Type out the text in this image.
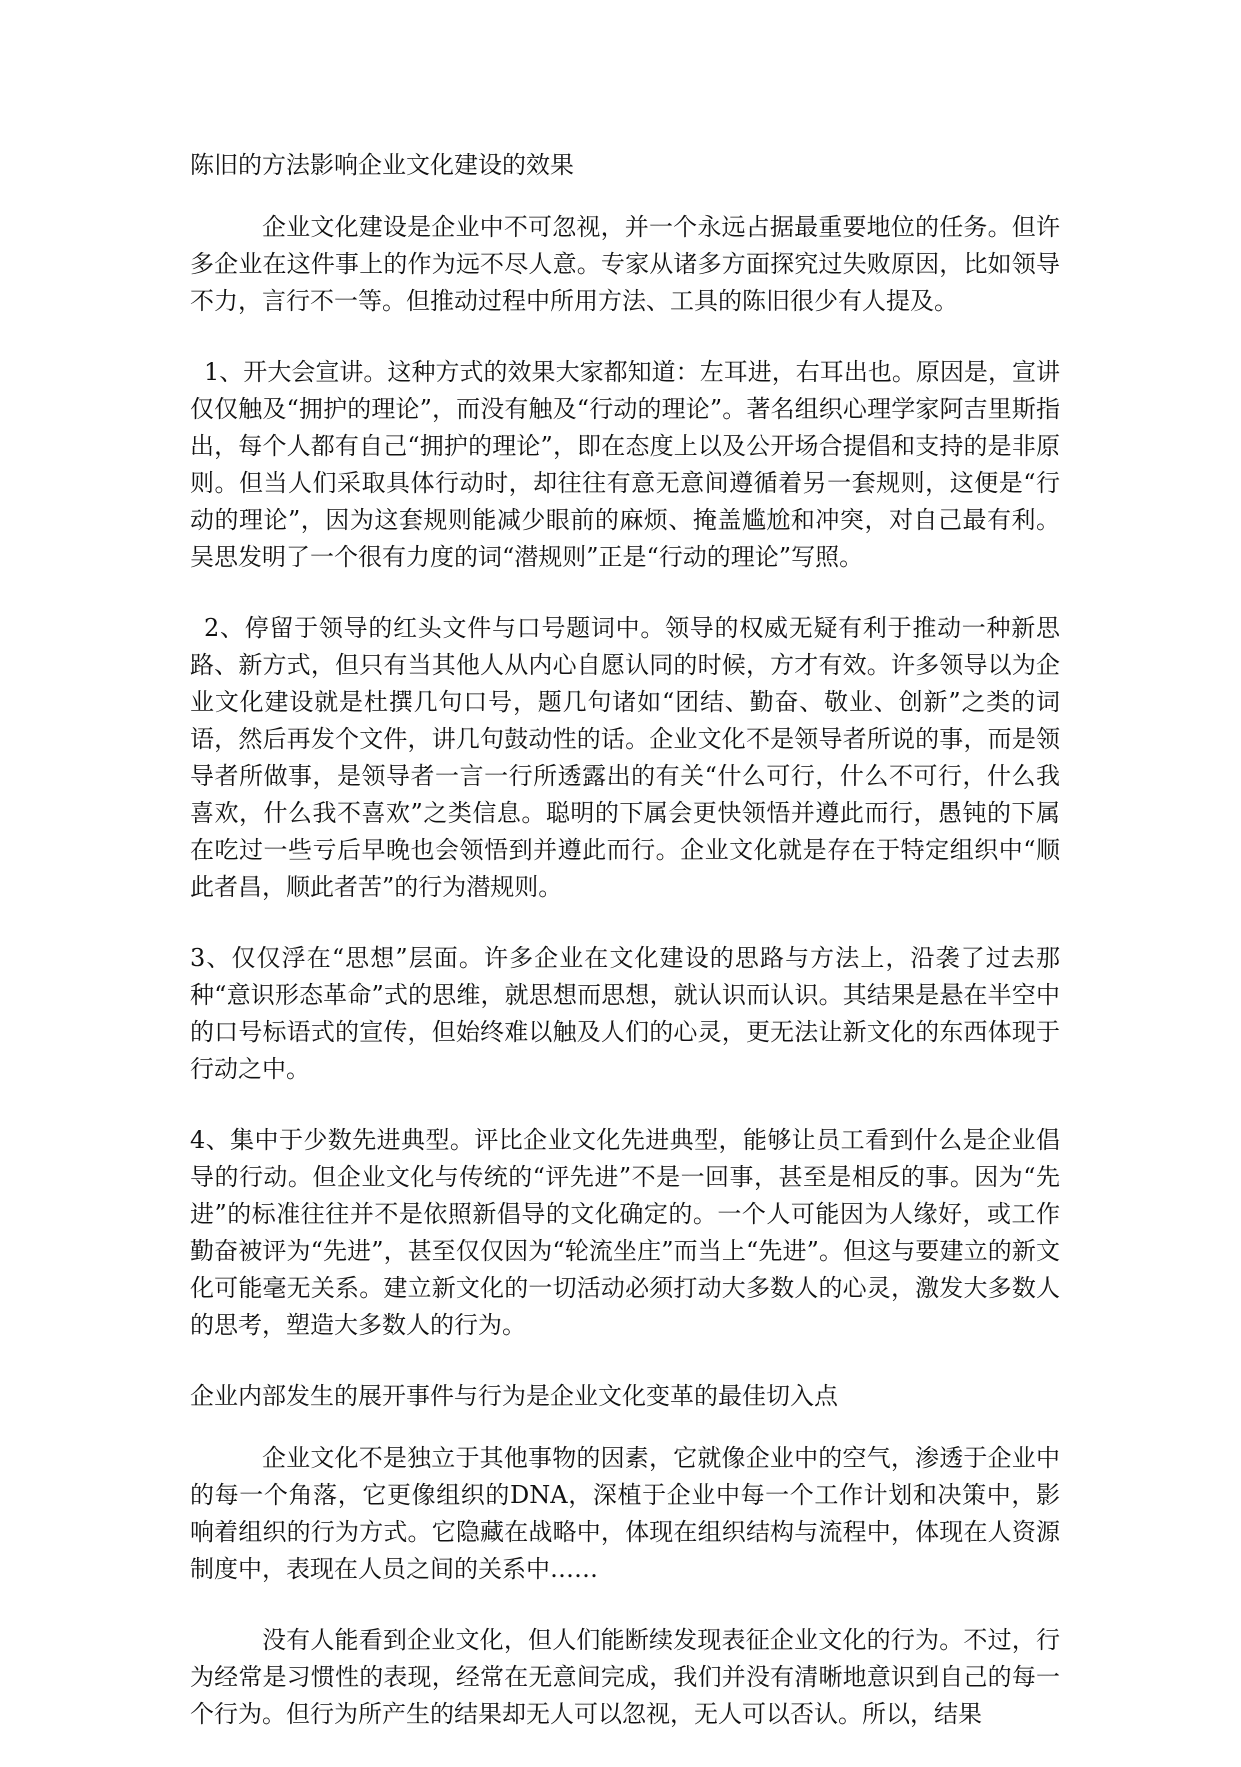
陈旧的方法影响企业文化建设的效果
企业文化建设是企业中不可忽视，并一个永远占据最重要地位的任务。但许多企业在这件事上的作为远不尽人意。专家从诸多方面探究过失败原因，比如领导不力，言行不一等。但推动过程中所用方法、工具的陈旧很少有人提及。
1、开大会宣讲。这种方式的效果大家都知道：左耳进，右耳出也。原因是，宣讲仅仅触及“拥护的理论”，而没有触及“行动的理论”。著名组织心理学家阿吉里斯指出，每个人都有自己“拥护的理论”，即在态度上以及公开场合提倡和支持的是非原则。但当人们采取具体行动时，却往往有意无意间遵循着另一套规则，这便是“行动的理论”，因为这套规则能减少眼前的麻烦、掩盖尴尬和冲突，对自己最有利。吴思发明了一个很有力度的词“潜规则”正是“行动的理论”写照。
2、停留于领导的红头文件与口号题词中。领导的权威无疑有利于推动一种新思路、新方式，但只有当其他人从内心自愿认同的时候，方才有效。许多领导以为企业文化建设就是杜撰几句口号，题几句诸如“团结、勤奋、敬业、创新”之类的词语，然后再发个文件，讲几句鼓动性的话。企业文化不是领导者所说的事，而是领导者所做事，是领导者一言一行所透露出的有关“什么可行，什么不可行，什么我喜欢，什么我不喜欢”之类信息。聪明的下属会更快领悟并遵此而行，愚钝的下属在吃过一些亏后早晚也会领悟到并遵此而行。企业文化就是存在于特定组织中“顺此者昌，顺此者苦”的行为潜规则。
3、仅仅浮在“思想”层面。许多企业在文化建设的思路与方法上，沿袭了过去那种“意识形态革命”式的思维，就思想而思想，就认识而认识。其结果是悬在半空中的口号标语式的宣传，但始终难以触及人们的心灵，更无法让新文化的东西体现于行动之中。
4、集中于少数先进典型。评比企业文化先进典型，能够让员工看到什么是企业倡导的行动。但企业文化与传统的“评先进”不是一回事，甚至是相反的事。因为“先进”的标准往往并不是依照新倡导的文化确定的。一个人可能因为人缘好，或工作勤奋被评为“先进”，甚至仅仅因为“轮流坐庄”而当上“先进”。但这与要建立的新文化可能毫无关系。建立新文化的一切活动必须打动大多数人的心灵，激发大多数人的思考，塑造大多数人的行为。
企业内部发生的展开事件与行为是企业文化变革的最佳切入点
企业文化不是独立于其他事物的因素，它就像企业中的空气，渗透于企业中的每一个角落，它更像组织的DNA，深植于企业中每一个工作计划和决策中，影响着组织的行为方式。它隐藏在战略中，体现在组织结构与流程中，体现在人资源制度中，表现在人员之间的关系中……
没有人能看到企业文化，但人们能断续发现表征企业文化的行为。不过，行为经常是习惯性的表现，经常在无意间完成，我们并没有清晰地意识到自己的每一个行为。但行为所产生的结果却无人可以忽视，无人可以否认。所以，结果
